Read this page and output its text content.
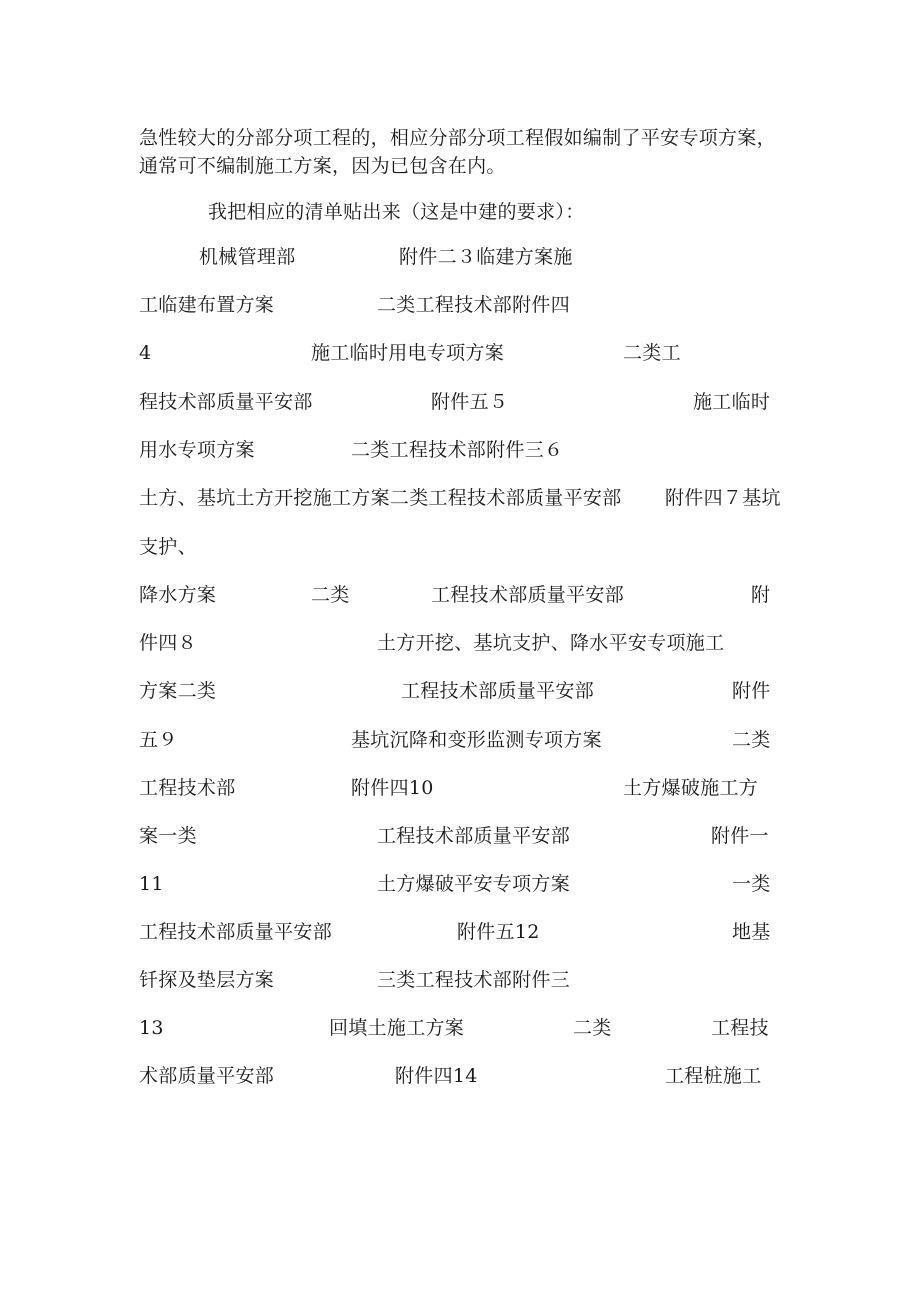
急性较大的分部分项工程的，相应分部分项工程假如编制了平安专项方案，
通常可不编制施工方案，因为已包含在内。
我把相应的清单贴出来（这是中建的要求）：
机械管理部	附件二３临建方案施
工临建布置方案	二类工程技术部附件四
4	施工临时用电专项方案	二类工
程技术部质量平安部	附件五５	施工临时
用水专项方案	二类工程技术部附件三６
土方、基坑土方开挖施工方案二类工程技术部质量平安部 附件四７基坑
支护、
降水方案	二类	工程技术部质量平安部	附
件四８	土方开挖、基坑支护、降水平安专项施工
方案二类	工程技术部质量平安部	附件
五９	基坑沉降和变形监测专项方案	二类
工程技术部	附件四10	土方爆破施工方
案一类	工程技术部质量平安部	附件一
11	土方爆破平安专项方案	一类
工程技术部质量平安部	附件五12	地基
钎探及垫层方案	三类工程技术部附件三
13	回填土施工方案	二类	工程技
术部质量平安部	附件四14	工程桩施工
